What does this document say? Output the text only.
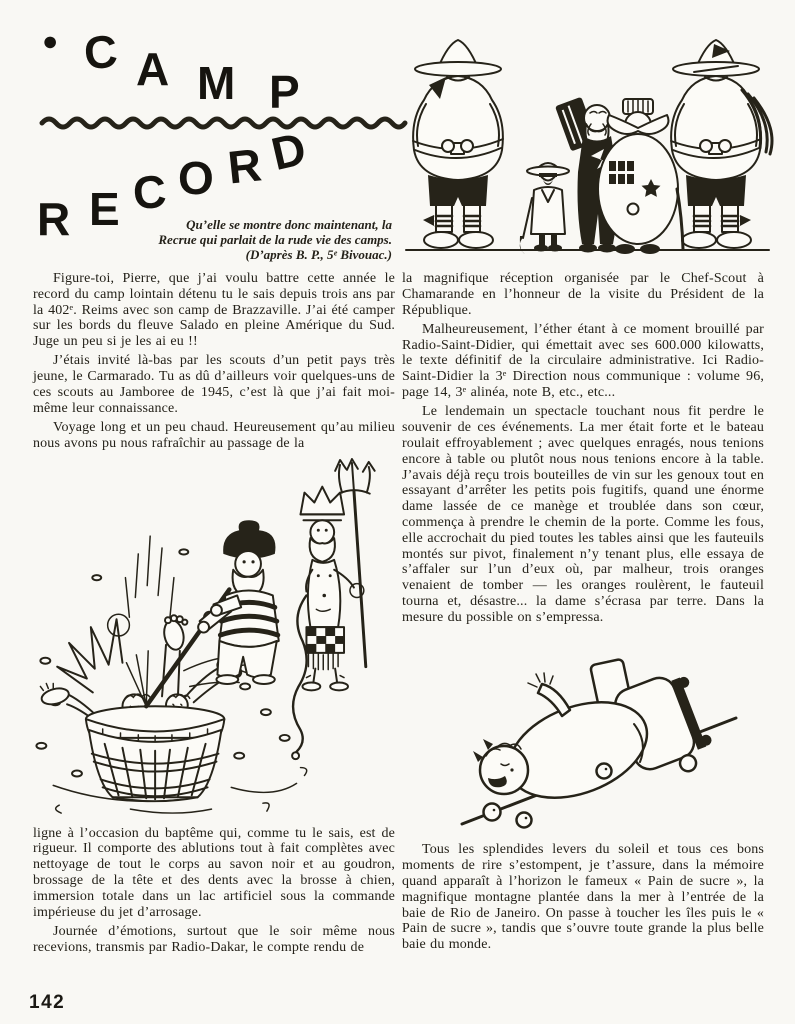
● C A M P
R E C O R D
Qu’elle se montre donc maintenant, la
Recrue qui parlait de la rude vie des camps.
(D’après B. P., 5ᵉ Bivouac.)

Figure-toi, Pierre, que j’ai voulu battre cette année le record du camp lointain détenu tu le sais depuis trois ans par la 402ᵉ. Reims avec son camp de Brazzaville. J’ai été camper sur les bords du fleuve Salado en pleine Amérique du Sud. Juge un peu si je les ai eu !!

J’étais invité là-bas par les scouts d’un petit pays très jeune, le Carmarado. Tu as dû d’ailleurs voir quelques-uns de ces scouts au Jamboree de 1945, c’est là que j’ai fait moi-même leur connaissance.

Voyage long et un peu chaud. Heureusement qu’au milieu nous avons pu nous rafraîchir au passage de la

ligne à l’occasion du baptême qui, comme tu le sais, est de rigueur. Il comporte des ablutions tout à fait complètes avec nettoyage de tout le corps au savon noir et au goudron, brossage de la tête et des dents avec la brosse à chien, immersion totale dans un lac artificiel sous la commande impérieuse du jet d’arrosage.

Journée d’émotions, surtout que le soir même nous recevions, transmis par Radio-Dakar, le compte rendu de

la magnifique réception organisée par le Chef-Scout à Chamarande en l’honneur de la visite du Président de la République.

Malheureusement, l’éther étant à ce moment brouillé par Radio-Saint-Didier, qui émettait avec ses 600.000 kilowatts, le texte définitif de la circulaire administrative. Ici Radio-Saint-Didier la 3ᵉ Direction nous communique : volume 96, page 14, 3ᵉ alinéa, note B, etc., etc...

Le lendemain un spectacle touchant nous fit perdre le souvenir de ces événements. La mer était forte et le bateau roulait effroyablement ; avec quelques enragés, nous tenions encore à table ou plutôt nous nous tenions encore à la table. J’avais déjà reçu trois bouteilles de vin sur les genoux tout en essayant d’arrêter les petits pois fugitifs, quand une énorme dame lassée de ce manège et troublée dans son cœur, commença à prendre le chemin de la porte. Comme les fous, elle accrochait du pied toutes les tables ainsi que les fauteuils montés sur pivot, finalement n’y tenant plus, elle essaya de s’affaler sur l’un d’eux où, par malheur, trois oranges venaient de tomber — les oranges roulèrent, le fauteuil tourna et, désastre... la dame s’écrasa par terre. Dans la mesure du possible on s’empressa.

Tous les splendides levers du soleil et tous ces bons moments de rire s’estompent, je t’assure, dans la mémoire quand apparaît à l’horizon le fameux « Pain de sucre », la magnifique montagne plantée dans la mer à l’entrée de la baie de Rio de Janeiro. On passe à toucher les îles puis le « Pain de sucre », tandis que s’ouvre toute grande la plus belle baie du monde.

142
